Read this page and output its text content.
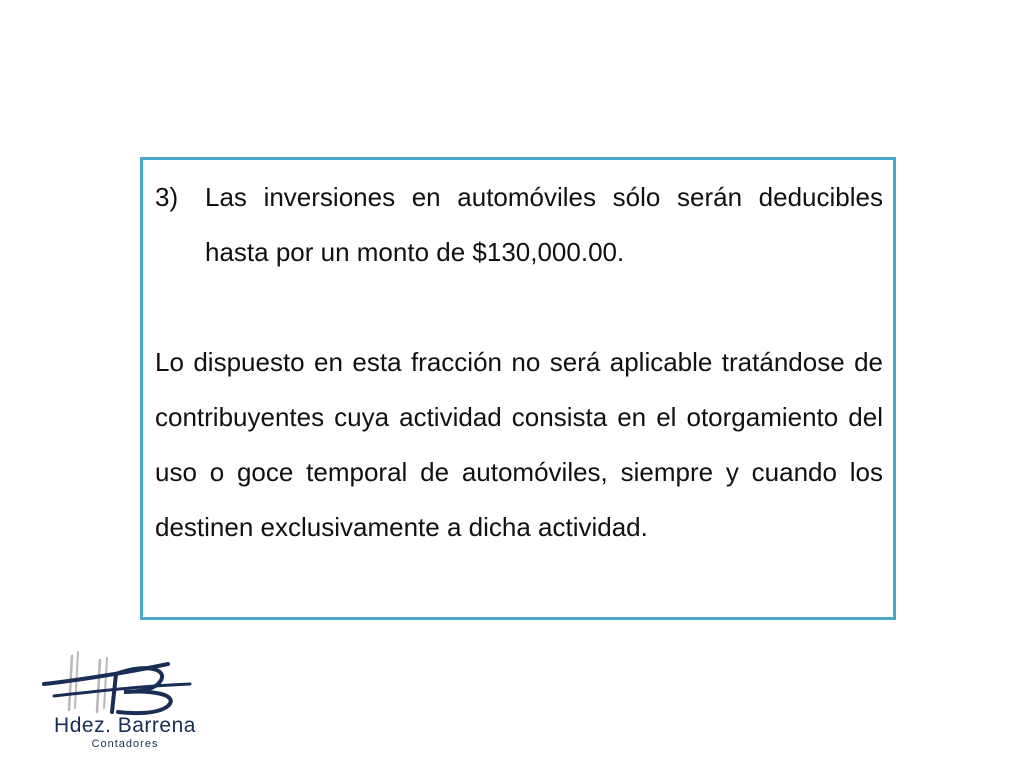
3) Las inversiones en automóviles sólo serán deducibles hasta por un monto de $130,000.00.
Lo dispuesto en esta fracción no será aplicable tratándose de contribuyentes cuya actividad consista en el otorgamiento del uso o goce temporal de automóviles, siempre y cuando los destinen exclusivamente a dicha actividad.
Hdez. Barrena
Contadores
